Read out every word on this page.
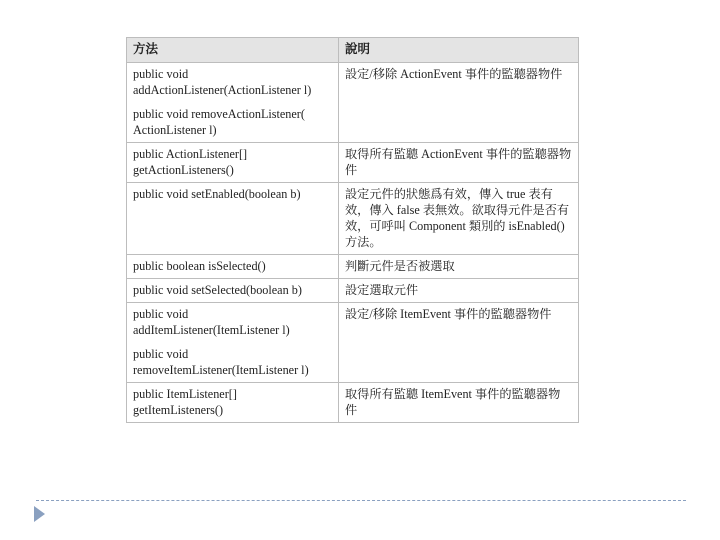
方法	說明

public void
addActionListener(ActionListener l)
public void removeActionListener(
ActionListener l)	設定/移除 ActionEvent 事件的監聽器物件

public ActionListener[]
getActionListeners()	取得所有監聽 ActionEvent 事件的監聽器物件

public void setEnabled(boolean b)	設定元件的狀態爲有效，傳入 true 表有效，傳入 false 表無效。欲取得元件是否有效，可呼叫 Component 類別的 isEnabled()方法。

public boolean isSelected()	判斷元件是否被選取

public void setSelected(boolean b)	設定選取元件

public void
addItemListener(ItemListener l)
public void
removeItemListener(ItemListener l)	設定/移除 ItemEvent 事件的監聽器物件

public ItemListener[]
getItemListeners()	取得所有監聽 ItemEvent 事件的監聽器物件
